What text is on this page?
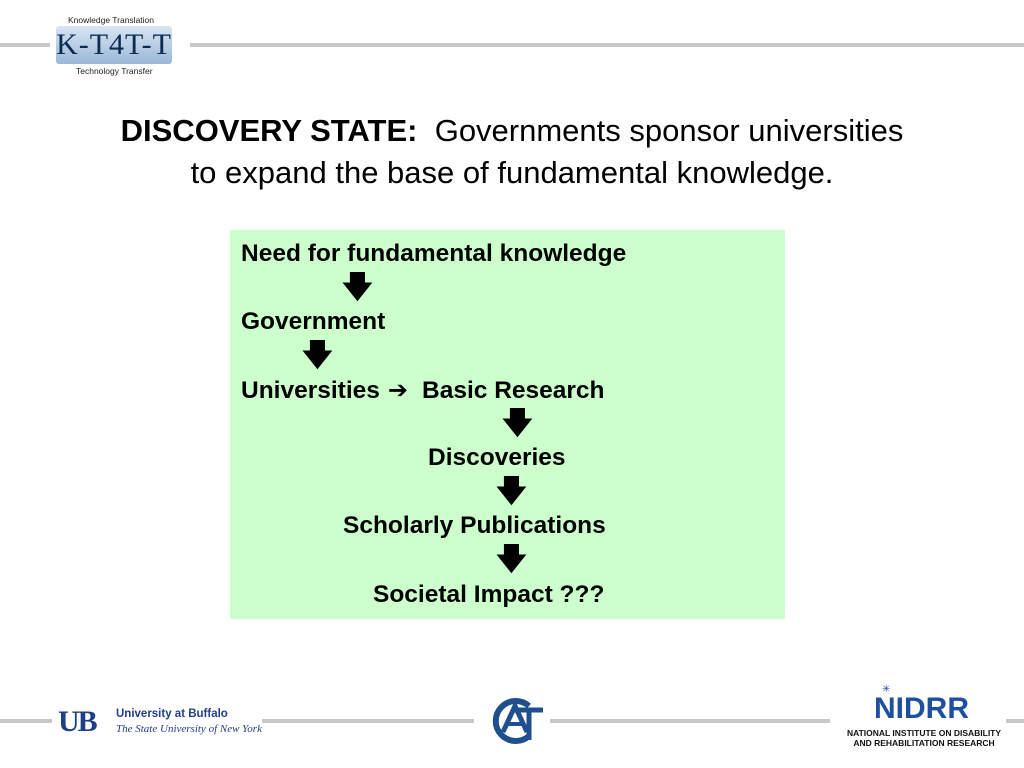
Knowledge Translation
K-T4T-T
Technology Transfer
DISCOVERY STATE: Governments sponsor universities
to expand the base of fundamental knowledge.
Need for fundamental knowledge
🡇
Government
🡇
Universities ➔ Basic Research
🡇
Discoveries
🡇
Scholarly Publications
🡇
Societal Impact ???
UB	University at Buffalo
The State University of New York
✳
NIDRR
NATIONAL INSTITUTE ON DISABILITY
AND REHABILITATION RESEARCH
